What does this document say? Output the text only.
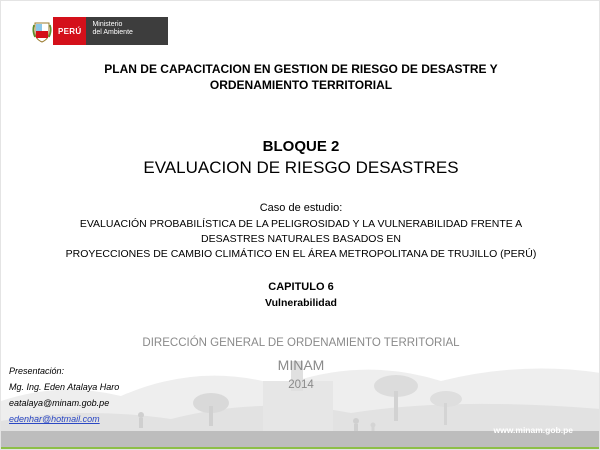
PERÚ
Ministerio
del Ambiente
PLAN DE CAPACITACION EN GESTION DE RIESGO DE DESASTRE Y
ORDENAMIENTO TERRITORIAL
BLOQUE 2
EVALUACION DE RIESGO DESASTRES
Caso de estudio:
EVALUACIÓN PROBABILÍSTICA DE LA PELIGROSIDAD Y LA VULNERABILIDAD FRENTE A
DESASTRES NATURALES BASADOS EN
PROYECCIONES DE CAMBIO CLIMÁTICO EN EL ÁREA METROPOLITANA DE TRUJILLO (PERÚ)
CAPITULO 6
Vulnerabilidad
DIRECCIÓN GENERAL DE ORDENAMIENTO TERRITORIAL
MINAM
2014
Presentación:
Mg. Ing. Eden Atalaya Haro
eatalaya@minam.gob.pe
edenhar@hotmail.com
www.minam.gob.pe
